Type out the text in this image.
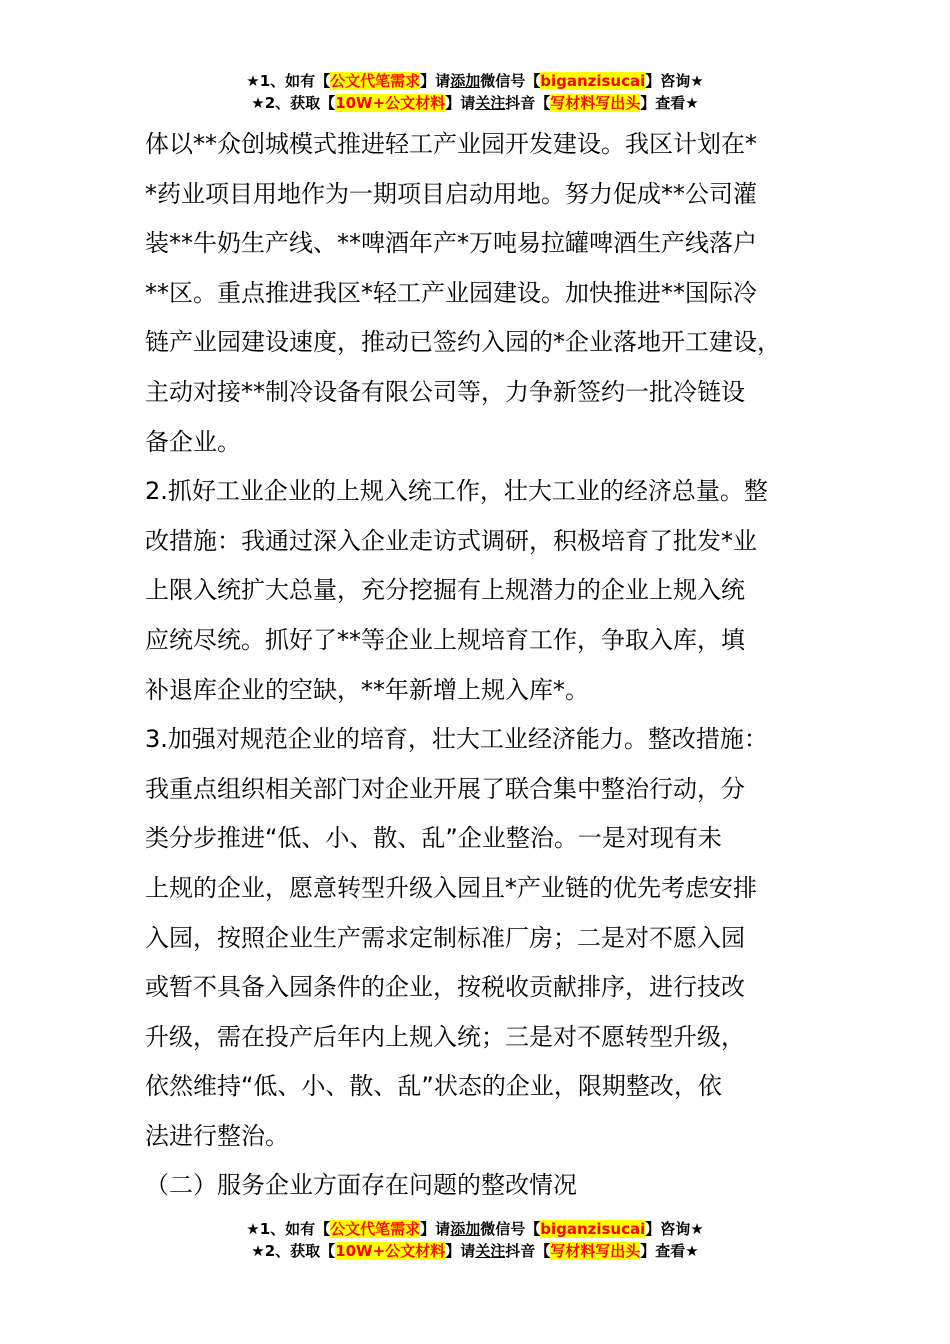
★1、如有【公文代笔需求】请添加微信号【biganzisucai】咨询★
★2、获取【10W+公文材料】请关注抖音【写材料写出头】查看★
体以**众创城模式推进轻工产业园开发建设。我区计划在*
*药业项目用地作为一期项目启动用地。努力促成**公司灌
装**牛奶生产线、**啤酒年产*万吨易拉罐啤酒生产线落户
**区。重点推进我区*轻工产业园建设。加快推进**国际冷
链产业园建设速度，推动已签约入园的*企业落地开工建设，
主动对接**制冷设备有限公司等，力争新签约一批冷链设
备企业。
2.抓好工业企业的上规入统工作，壮大工业的经济总量。整
改措施：我通过深入企业走访式调研，积极培育了批发*业
上限入统扩大总量，充分挖掘有上规潜力的企业上规入统
应统尽统。抓好了**等企业上规培育工作，争取入库，填
补退库企业的空缺，**年新增上规入库*。
3.加强对规范企业的培育，壮大工业经济能力。整改措施：
我重点组织相关部门对企业开展了联合集中整治行动，分
类分步推进“低、小、散、乱”企业整治。一是对现有未
上规的企业，愿意转型升级入园且*产业链的优先考虑安排
入园，按照企业生产需求定制标准厂房；二是对不愿入园
或暂不具备入园条件的企业，按税收贡献排序，进行技改
升级，需在投产后年内上规入统；三是对不愿转型升级，
依然维持“低、小、散、乱”状态的企业，限期整改，依
法进行整治。
（二）服务企业方面存在问题的整改情况
★1、如有【公文代笔需求】请添加微信号【biganzisucai】咨询★
★2、获取【10W+公文材料】请关注抖音【写材料写出头】查看★
